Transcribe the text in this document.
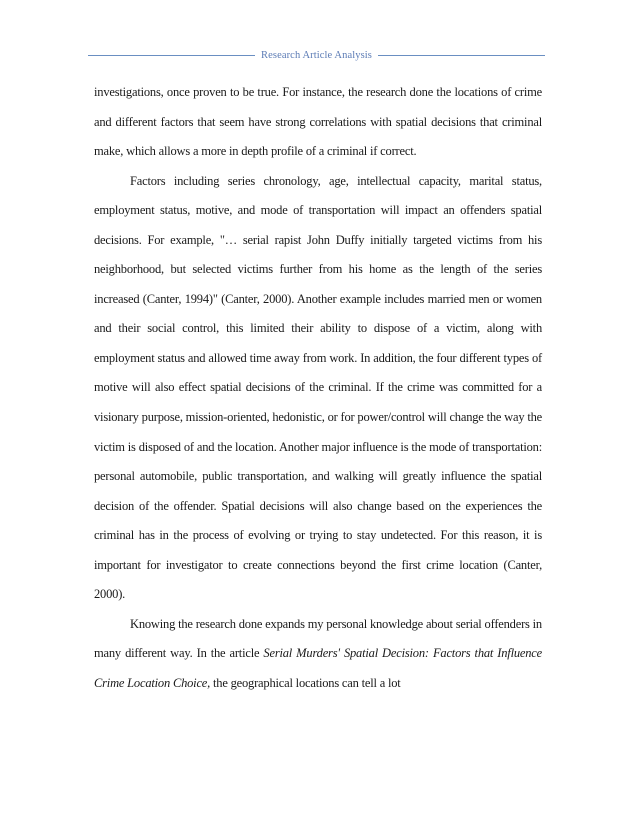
Research Article Analysis

investigations, once proven to be true. For instance, the research done the locations of crime and different factors that seem have strong correlations with spatial decisions that criminal make, which allows a more in depth profile of a criminal if correct.

Factors including series chronology, age, intellectual capacity, marital status, employment status, motive, and mode of transportation will impact an offenders spatial decisions. For example, "… serial rapist John Duffy initially targeted victims from his neighborhood, but selected victims further from his home as the length of the series increased (Canter, 1994)" (Canter, 2000). Another example includes married men or women and their social control, this limited their ability to dispose of a victim, along with employment status and allowed time away from work. In addition, the four different types of motive will also effect spatial decisions of the criminal. If the crime was committed for a visionary purpose, mission-oriented, hedonistic, or for power/control will change the way the victim is disposed of and the location. Another major influence is the mode of transportation: personal automobile, public transportation, and walking will greatly influence the spatial decision of the offender. Spatial decisions will also change based on the experiences the criminal has in the process of evolving or trying to stay undetected. For this reason, it is important for investigator to create connections beyond the first crime location (Canter, 2000).

Knowing the research done expands my personal knowledge about serial offenders in many different way. In the article Serial Murders' Spatial Decision: Factors that Influence Crime Location Choice, the geographical locations can tell a lot
